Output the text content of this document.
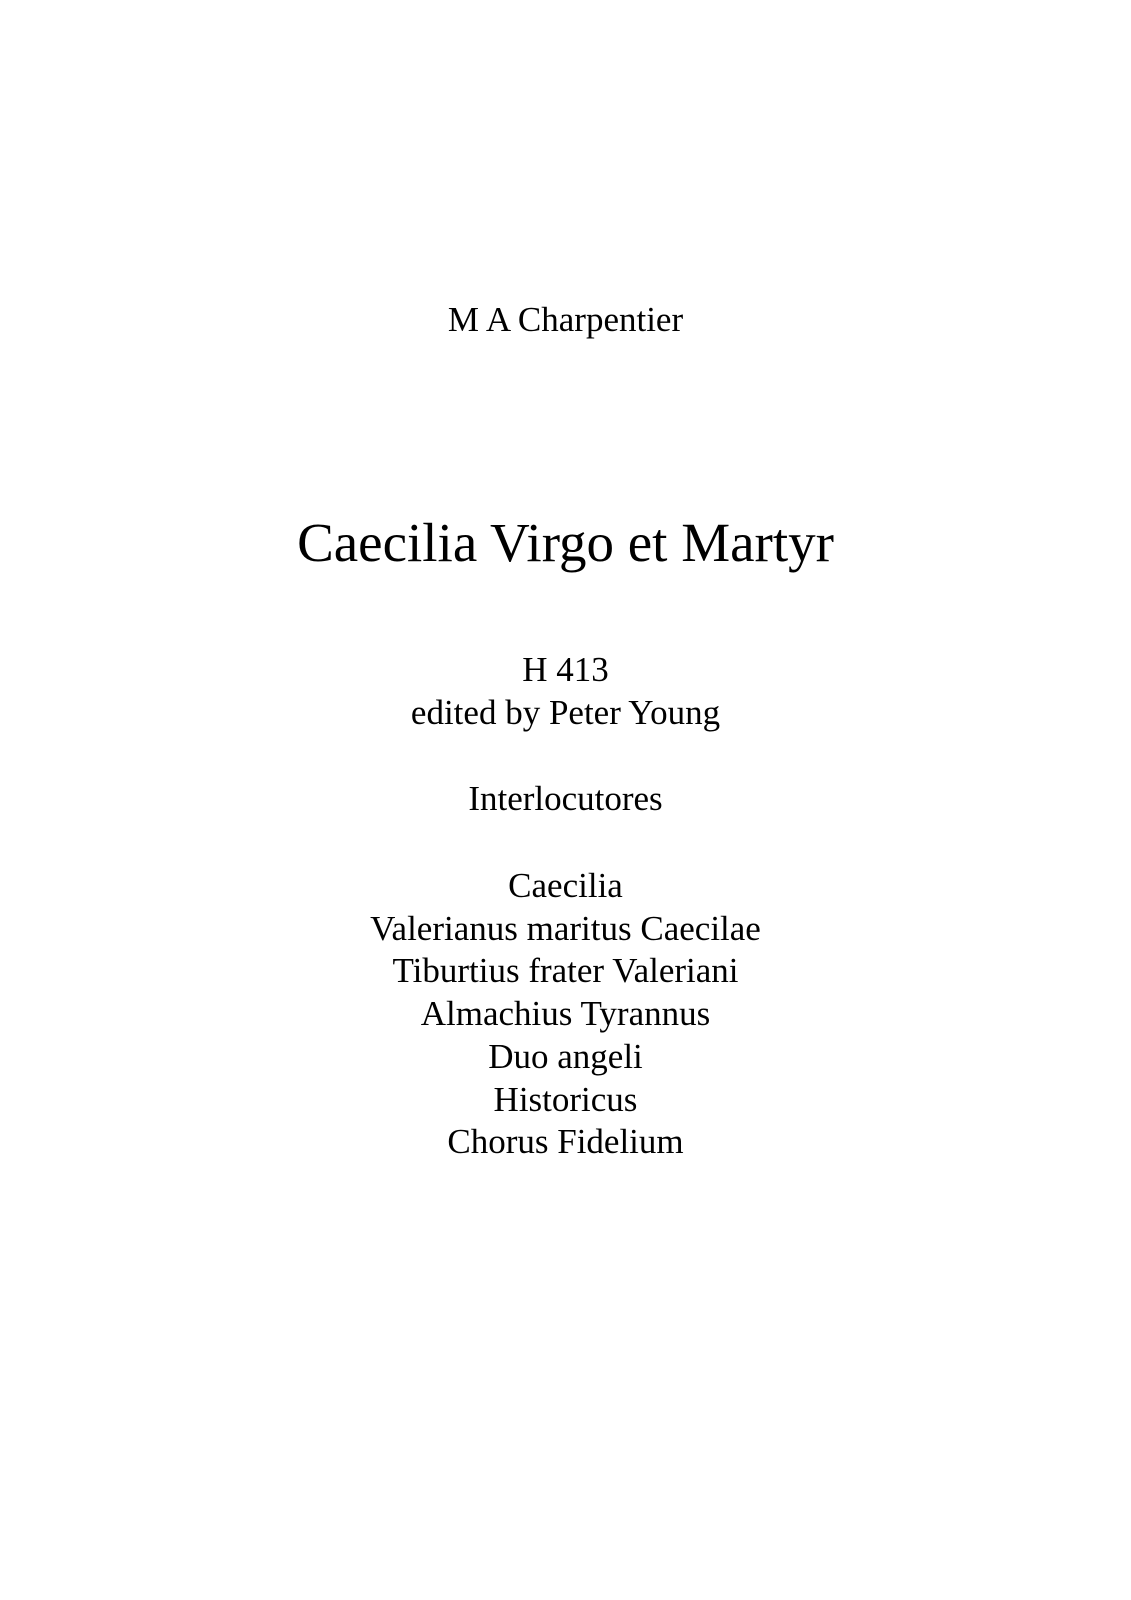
M A Charpentier

Caecilia Virgo et Martyr

H 413

edited by Peter Young

Interlocutores

Caecilia
Valerianus maritus Caecilae
Tiburtius frater Valeriani
Almachius Tyrannus
Duo angeli
Historicus
Chorus Fidelium
